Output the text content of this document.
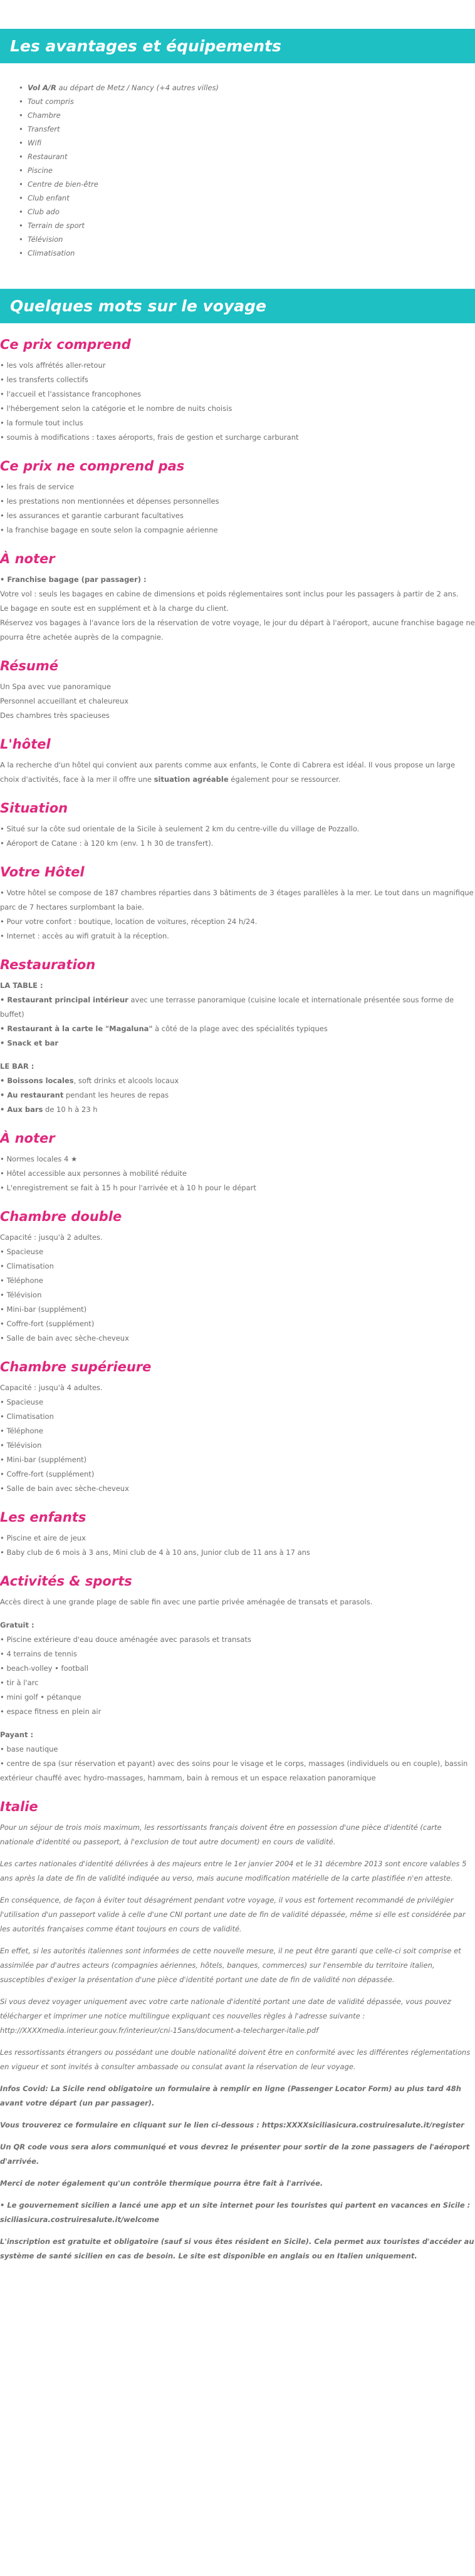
Les avantages et équipements
• Vol A/R au départ de Metz / Nancy (+4 autres villes)
• Tout compris
• Chambre
• Transfert
• Wifi
• Restaurant
• Piscine
• Centre de bien-être
• Club enfant
• Club ado
• Terrain de sport
• Télévision
• Climatisation
Quelques mots sur le voyage
Ce prix comprend
• les vols affrétés aller-retour
• les transferts collectifs
• l'accueil et l'assistance francophones
• l'hébergement selon la catégorie et le nombre de nuits choisis
• la formule tout inclus
• soumis à modifications : taxes aéroports, frais de gestion et surcharge carburant
Ce prix ne comprend pas
• les frais de service
• les prestations non mentionnées et dépenses personnelles
• les assurances et garantie carburant facultatives
• la franchise bagage en soute selon la compagnie aérienne
À noter
• Franchise bagage (par passager) :
Votre vol : seuls les bagages en cabine de dimensions et poids réglementaires sont inclus pour les passagers à partir de 2 ans.
Le bagage en soute est en supplément et à la charge du client.
Réservez vos bagages à l'avance lors de la réservation de votre voyage, le jour du départ à l'aéroport, aucune franchise bagage ne pourra être achetée auprès de la compagnie.
Résumé
Un Spa avec vue panoramique
Personnel accueillant et chaleureux
Des chambres très spacieuses
L'hôtel
A la recherche d'un hôtel qui convient aux parents comme aux enfants, le Conte di Cabrera est idéal. Il vous propose un large choix d'activités, face à la mer il offre une situation agréable également pour se ressourcer.
Situation
• Situé sur la côte sud orientale de la Sicile à seulement 2 km du centre-ville du village de Pozzallo.
• Aéroport de Catane : à 120 km (env. 1 h 30 de transfert).
Votre Hôtel
• Votre hôtel se compose de 187 chambres réparties dans 3 bâtiments de 3 étages parallèles à la mer. Le tout dans un magnifique parc de 7 hectares surplombant la baie.
• Pour votre confort : boutique, location de voitures, réception 24 h/24.
• Internet : accès au wifi gratuit à la réception.
Restauration
LA TABLE :
• Restaurant principal intérieur avec une terrasse panoramique (cuisine locale et internationale présentée sous forme de buffet)
• Restaurant à la carte le "Magaluna" à côté de la plage avec des spécialités typiques
• Snack et bar
LE BAR :
• Boissons locales, soft drinks et alcools locaux
• Au restaurant pendant les heures de repas
• Aux bars de 10 h à 23 h
À noter
• Normes locales 4 ★
• Hôtel accessible aux personnes à mobilité réduite
• L'enregistrement se fait à 15 h pour l'arrivée et à 10 h pour le départ
Chambre double
Capacité : jusqu'à 2 adultes.
• Spacieuse
• Climatisation
• Téléphone
• Télévision
• Mini-bar (supplément)
• Coffre-fort (supplément)
• Salle de bain avec sèche-cheveux
Chambre supérieure
Capacité : jusqu'à 4 adultes.
• Spacieuse
• Climatisation
• Téléphone
• Télévision
• Mini-bar (supplément)
• Coffre-fort (supplément)
• Salle de bain avec sèche-cheveux
Les enfants
• Piscine et aire de jeux
• Baby club de 6 mois à 3 ans, Mini club de 4 à 10 ans, Junior club de 11 ans à 17 ans
Activités & sports
Accès direct à une grande plage de sable fin avec une partie privée aménagée de transats et parasols.
Gratuit :
• Piscine extérieure d'eau douce aménagée avec parasols et transats
• 4 terrains de tennis
• beach-volley • football
• tir à l'arc
• mini golf • pétanque
• espace fitness en plein air
Payant :
• base nautique
• centre de spa (sur réservation et payant) avec des soins pour le visage et le corps, massages (individuels ou en couple), bassin extérieur chauffé avec hydro-massages, hammam, bain à remous et un espace relaxation panoramique
Italie
Pour un séjour de trois mois maximum, les ressortissants français doivent être en possession d'une pièce d'identité (carte nationale d'identité ou passeport, à l'exclusion de tout autre document) en cours de validité.
Les cartes nationales d'identité délivrées à des majeurs entre le 1er janvier 2004 et le 31 décembre 2013 sont encore valables 5 ans après la date de fin de validité indiquée au verso, mais aucune modification matérielle de la carte plastifiée n'en atteste.
En conséquence, de façon à éviter tout désagrément pendant votre voyage, il vous est fortement recommandé de privilégier l'utilisation d'un passeport valide à celle d'une CNI portant une date de fin de validité dépassée, même si elle est considérée par les autorités françaises comme étant toujours en cours de validité.
En effet, si les autorités italiennes sont informées de cette nouvelle mesure, il ne peut être garanti que celle-ci soit comprise et assimilée par d'autres acteurs (compagnies aériennes, hôtels, banques, commerces) sur l'ensemble du territoire italien, susceptibles d'exiger la présentation d'une pièce d'identité portant une date de fin de validité non dépassée.
Si vous devez voyager uniquement avec votre carte nationale d'identité portant une date de validité dépassée, vous pouvez télécharger et imprimer une notice multilingue expliquant ces nouvelles règles à l'adresse suivante : http://XXXXmedia.interieur.gouv.fr/interieur/cni-15ans/document-a-telecharger-italie.pdf
Les ressortissants étrangers ou possédant une double nationalité doivent être en conformité avec les différentes réglementations en vigueur et sont invités à consulter ambassade ou consulat avant la réservation de leur voyage.
Infos Covid: La Sicile rend obligatoire un formulaire à remplir en ligne (Passenger Locator Form) au plus tard 48h avant votre départ (un par passager).
Vous trouverez ce formulaire en cliquant sur le lien ci-dessous : https:XXXXsiciliasicura.costruiresalute.it/register
Un QR code vous sera alors communiqué et vous devrez le présenter pour sortir de la zone passagers de l'aéroport d'arrivée.
Merci de noter également qu'un contrôle thermique pourra être fait à l'arrivée.
• Le gouvernement sicilien a lancé une app et un site internet pour les touristes qui partent en vacances en Sicile : siciliasicura.costruiresalute.it/welcome
L'inscription est gratuite et obligatoire (sauf si vous êtes résident en Sicile). Cela permet aux touristes d'accéder au système de santé sicilien en cas de besoin. Le site est disponible en anglais ou en Italien uniquement.
